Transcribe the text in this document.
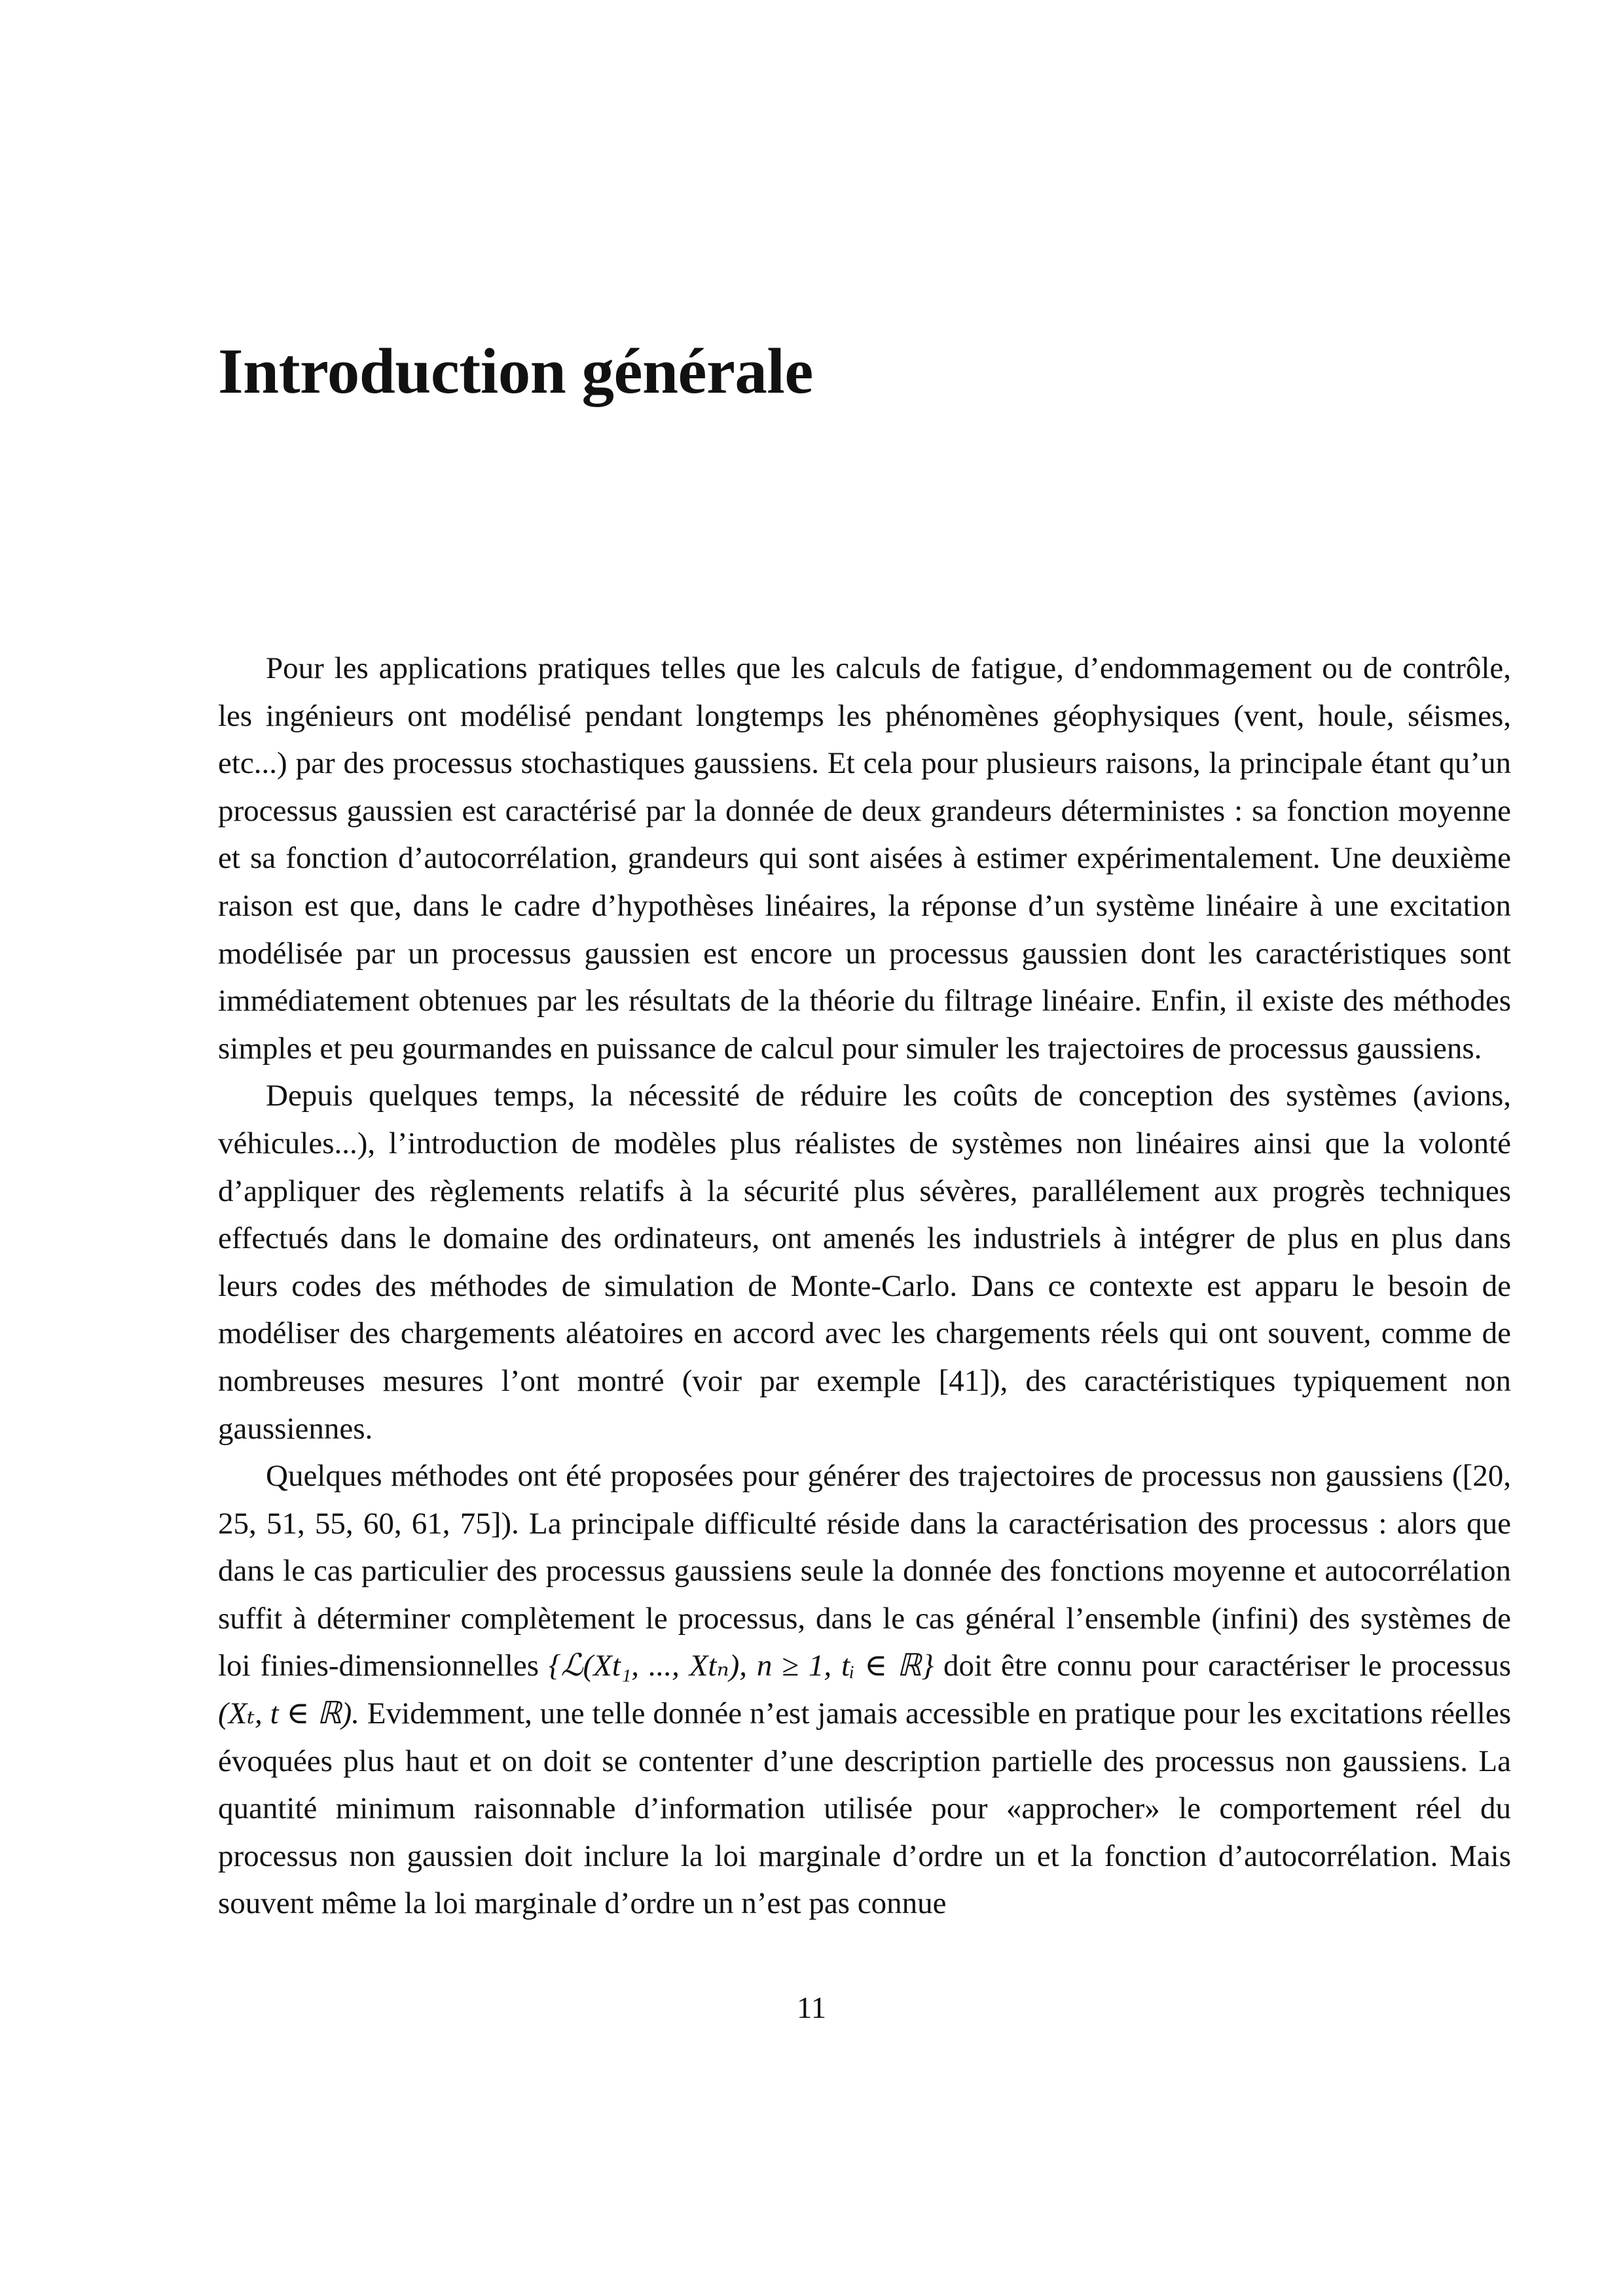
Introduction générale

Pour les applications pratiques telles que les calculs de fatigue, d’endommagement ou de contrôle, les ingénieurs ont modélisé pendant longtemps les phénomènes géophysiques (vent, houle, séismes, etc...) par des processus stochastiques gaussiens. Et cela pour plusieurs raisons, la principale étant qu’un processus gaussien est caractérisé par la donnée de deux grandeurs déterministes : sa fonction moyenne et sa fonction d’autocorrélation, grandeurs qui sont aisées à estimer expérimentalement. Une deuxième raison est que, dans le cadre d’hypothèses linéaires, la réponse d’un système linéaire à une excitation modélisée par un processus gaussien est encore un processus gaussien dont les caractéristiques sont immédiatement obtenues par les résultats de la théorie du filtrage linéaire. Enfin, il existe des méthodes simples et peu gourmandes en puissance de calcul pour simuler les trajectoires de processus gaussiens.

Depuis quelques temps, la nécessité de réduire les coûts de conception des systèmes (avions, véhicules...), l’introduction de modèles plus réalistes de systèmes non linéaires ainsi que la volonté d’appliquer des règlements relatifs à la sécurité plus sévères, parallélement aux progrès techniques effectués dans le domaine des ordinateurs, ont amenés les industriels à intégrer de plus en plus dans leurs codes des méthodes de simulation de Monte-Carlo. Dans ce contexte est apparu le besoin de modéliser des chargements aléatoires en accord avec les chargements réels qui ont souvent, comme de nombreuses mesures l’ont montré (voir par exemple [41]), des caractéristiques typiquement non gaussiennes.

Quelques méthodes ont été proposées pour générer des trajectoires de processus non gaussiens ([20, 25, 51, 55, 60, 61, 75]). La principale difficulté réside dans la caractérisation des processus : alors que dans le cas particulier des processus gaussiens seule la donnée des fonctions moyenne et autocorrélation suffit à déterminer complètement le processus, dans le cas général l’ensemble (infini) des systèmes de loi finies-dimensionnelles {ℒ(Xt₁, ..., Xtₙ), n ≥ 1, tᵢ ∈ ℝ} doit être connu pour caractériser le processus (Xₜ, t ∈ ℝ). Evidemment, une telle donnée n’est jamais accessible en pratique pour les excitations réelles évoquées plus haut et on doit se contenter d’une description partielle des processus non gaussiens. La quantité minimum raisonnable d’information utilisée pour «approcher» le comportement réel du processus non gaussien doit inclure la loi marginale d’ordre un et la fonction d’autocorrélation. Mais souvent même la loi marginale d’ordre un n’est pas connue

11
